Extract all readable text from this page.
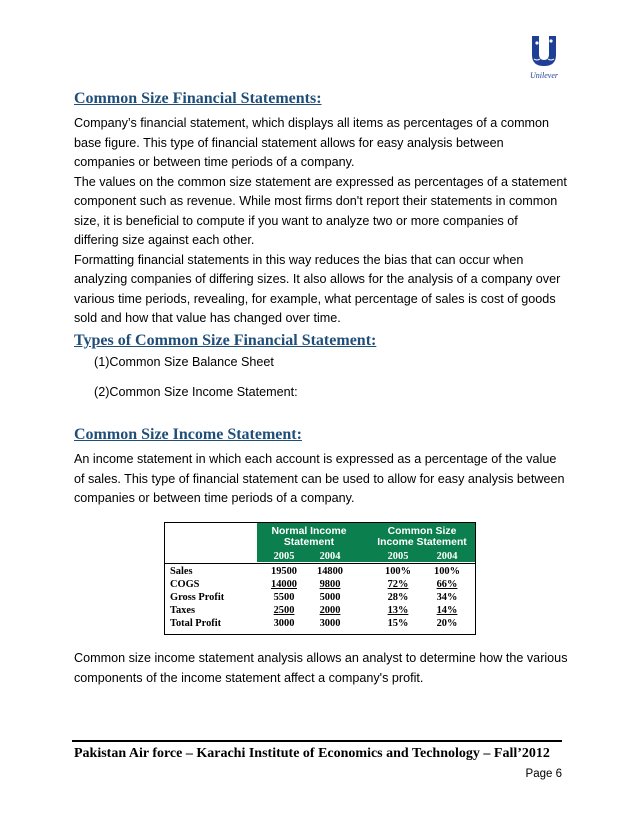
Unilever
Common Size Financial Statements:
Company’s financial statement, which displays all items as percentages of a common
base figure. This type of financial statement allows for easy analysis between
companies or between time periods of a company.
The values on the common size statement are expressed as percentages of a statement
component such as revenue. While most firms don't report their statements in common
size, it is beneficial to compute if you want to analyze two or more companies of
differing size against each other.
Formatting financial statements in this way reduces the bias that can occur when
analyzing companies of differing sizes. It also allows for the analysis of a company over
various time periods, revealing, for example, what percentage of sales is cost of goods
sold and how that value has changed over time.
Types of Common Size Financial Statement:
(1)Common Size Balance Sheet
(2)Common Size Income Statement:
Common Size Income Statement:
An income statement in which each account is expressed as a percentage of the value
of sales. This type of financial statement can be used to allow for easy analysis between
companies or between time periods of a company.
Normal Income
Statement
Common Size
Income Statement
2005	2004	2005	2004
Sales	19500	14800	100%	100%
COGS	14000	9800	72%	66%
Gross Profit	5500	5000	28%	34%
Taxes	2500	2000	13%	14%
Total Profit	3000	3000	15%	20%
Common size income statement analysis allows an analyst to determine how the various
components of the income statement affect a company's profit.
Pakistan Air force – Karachi Institute of Economics and Technology – Fall’2012
Page 6
